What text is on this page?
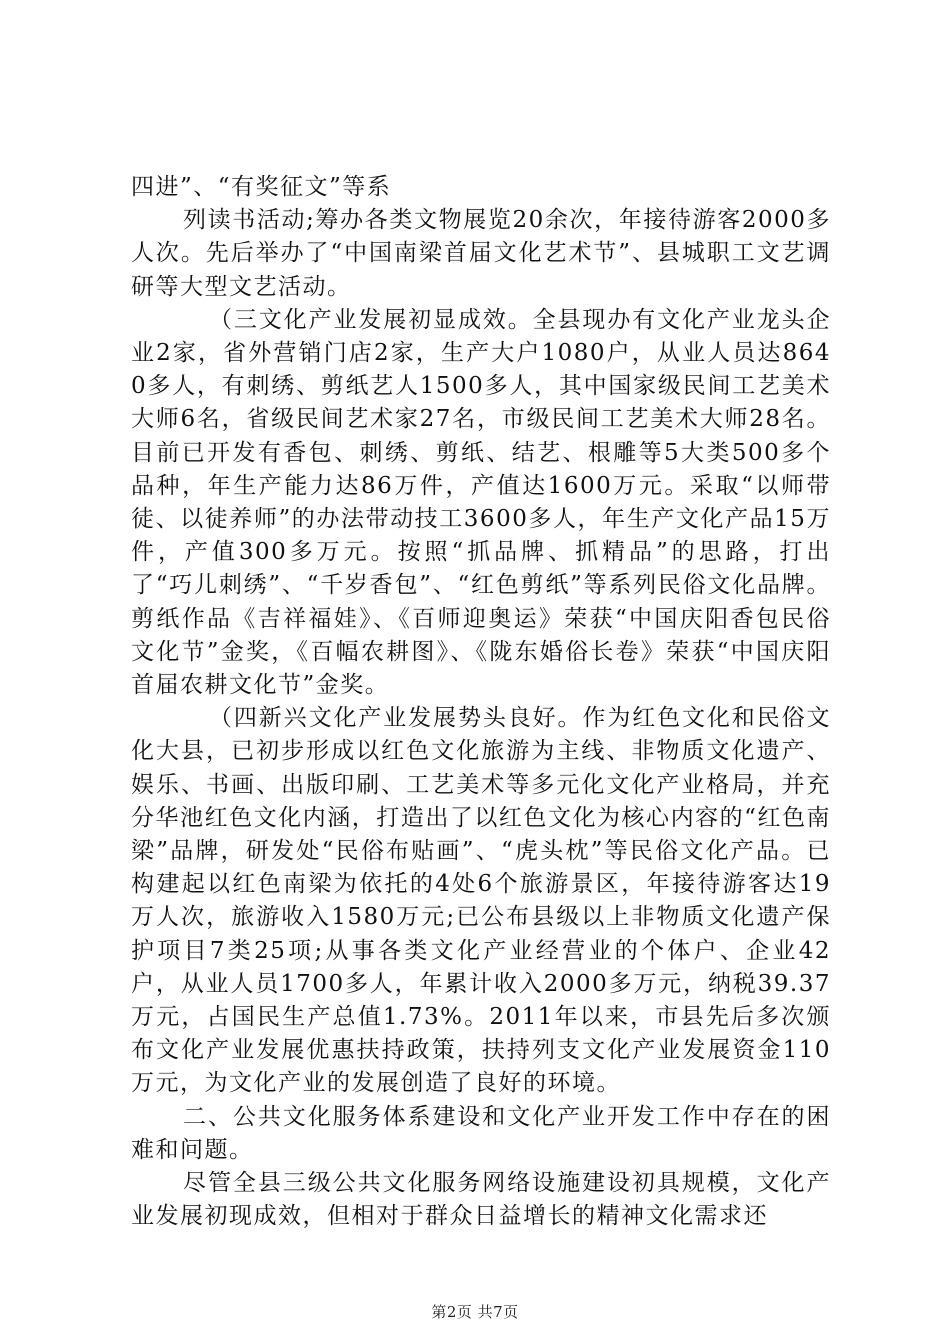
四进”、“有奖征文”等系

列读书活动;筹办各类文物展览20余次，年接待游客2000多人次。先后举办了“中国南梁首届文化艺术节”、县城职工文艺调研等大型文艺活动。

（三文化产业发展初显成效。全县现办有文化产业龙头企业2家，省外营销门店2家，生产大户1080户，从业人员达8640多人，有刺绣、剪纸艺人1500多人，其中国家级民间工艺美术大师6名，省级民间艺术家27名，市级民间工艺美术大师28名。目前已开发有香包、刺绣、剪纸、结艺、根雕等5大类500多个品种，年生产能力达86万件，产值达1600万元。采取“以师带徒、以徒养师”的办法带动技工3600多人，年生产文化产品15万件，产值300多万元。按照“抓品牌、抓精品”的思路，打出了“巧儿刺绣”、“千岁香包”、“红色剪纸”等系列民俗文化品牌。剪纸作品《吉祥福娃》、《百师迎奥运》荣获“中国庆阳香包民俗文化节”金奖，《百幅农耕图》、《陇东婚俗长卷》荣获“中国庆阳首届农耕文化节”金奖。

（四新兴文化产业发展势头良好。作为红色文化和民俗文化大县，已初步形成以红色文化旅游为主线、非物质文化遗产、娱乐、书画、出版印刷、工艺美术等多元化文化产业格局，并充分华池红色文化内涵，打造出了以红色文化为核心内容的“红色南梁”品牌，研发处“民俗布贴画”、“虎头枕”等民俗文化产品。已构建起以红色南梁为依托的4处6个旅游景区，年接待游客达19万人次，旅游收入1580万元;已公布县级以上非物质文化遗产保护项目7类25项;从事各类文化产业经营业的个体户、企业42户，从业人员1700多人，年累计收入2000多万元，纳税39.37万元，占国民生产总值1.73%。2011年以来，市县先后多次颁布文化产业发展优惠扶持政策，扶持列支文化产业发展资金110万元，为文化产业的发展创造了良好的环境。

二、公共文化服务体系建设和文化产业开发工作中存在的困难和问题。

尽管全县三级公共文化服务网络设施建设初具规模，文化产业发展初现成效，但相对于群众日益增长的精神文化需求还

第2页 共7页
